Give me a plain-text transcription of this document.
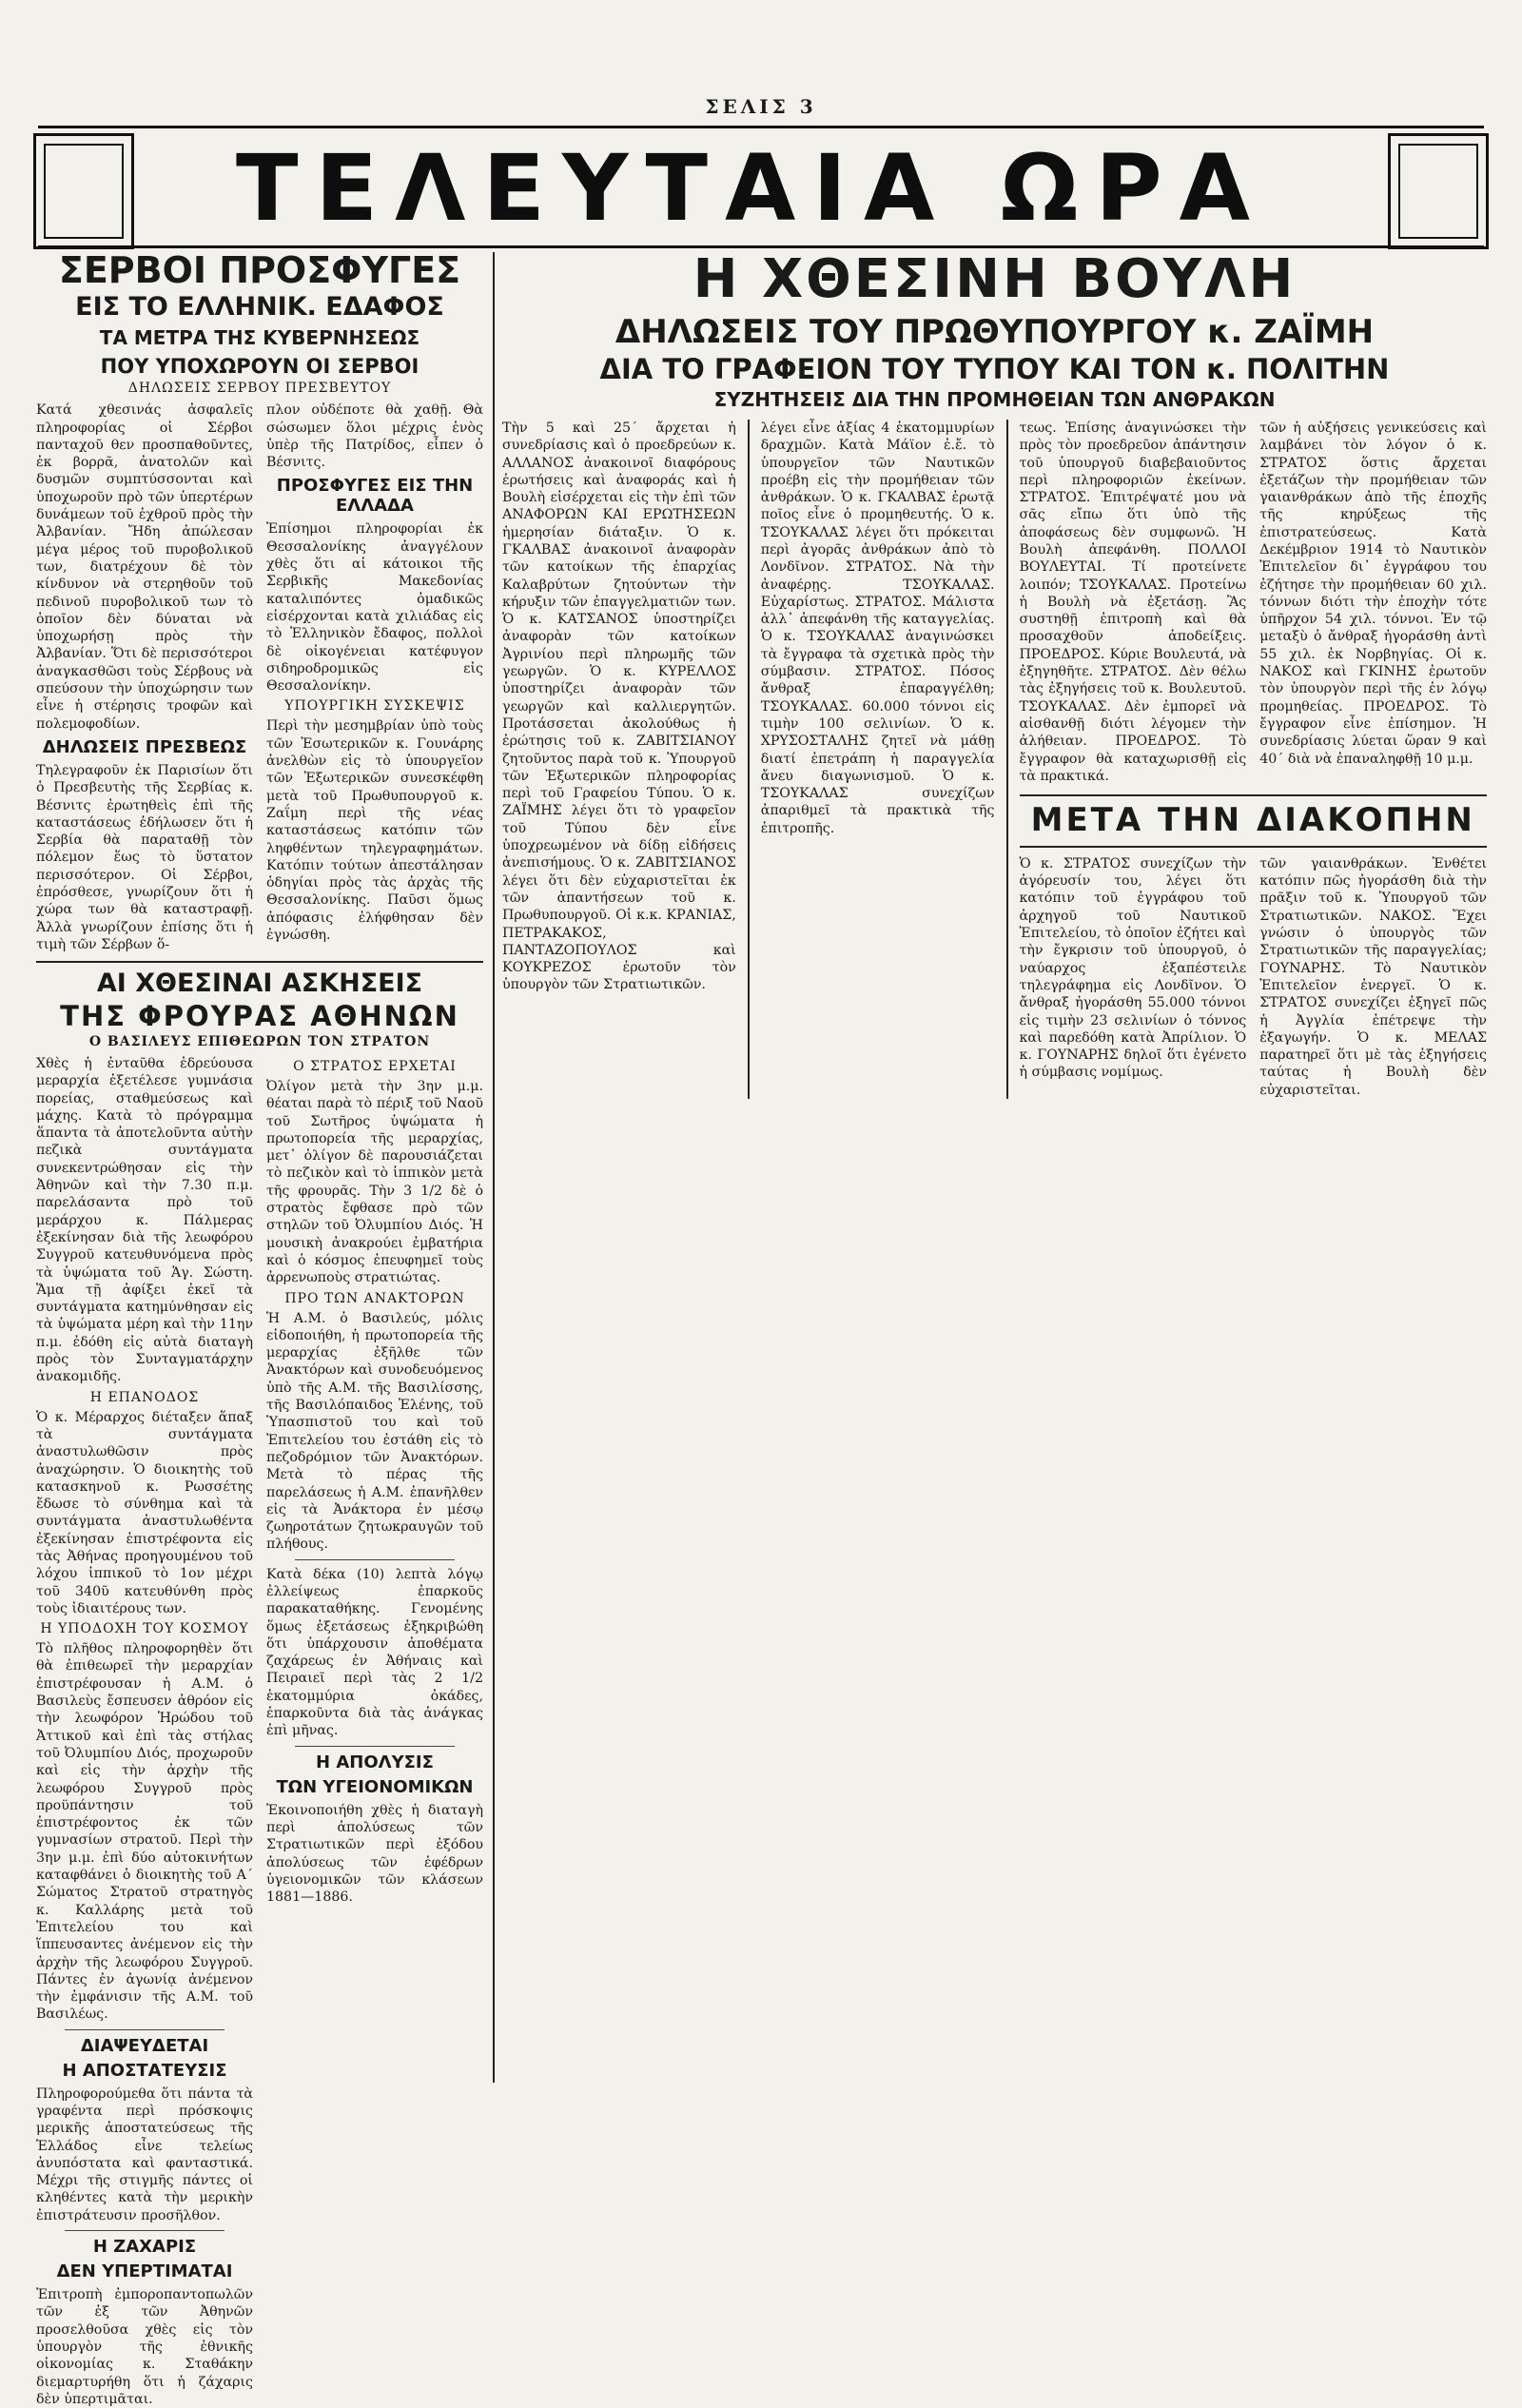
ΣΕΛΙΣ 3
ΤΕΛΕΥΤΑΙΑ ΩΡΑ
ΣΕΡΒΟΙ ΠΡΟΣΦΥΓΕΣ
ΕΙΣ ΤΟ ΕΛΛΗΝΙΚ. ΕΔΑΦΟΣ
ΤΑ ΜΕΤΡΑ ΤΗΣ ΚΥΒΕΡΝΗΣΕΩΣ
ΠΟΥ ΥΠΟΧΩΡΟΥΝ ΟΙ ΣΕΡΒΟΙ
ΔΗΛΩΣΕΙΣ ΣΕΡΒΟΥ ΠΡΕΣΒΕΥΤΟΥ

Κατά χθεσινάς ἀσφαλεῖς πληροφορίας οἱ Σέρβοι πανταχοῦ θεν προσπαθοῦντες, ἐκ βορρᾶ, ἀνατολῶν καὶ δυσμῶν συμπτύσσονται καὶ ὑποχωροῦν πρὸ τῶν ὑπερτέρων δυνάμεων τοῦ ἐχθροῦ πρὸς τὴν Ἀλβανίαν. Ἤδη ἀπώλεσαν μέγα μέρος τοῦ πυροβολικοῦ των, διατρέχουν δὲ τὸν κίνδυνον νὰ στερηθοῦν τοῦ πεδινοῦ πυροβολικοῦ των τὸ ὁποῖον δὲν δύναται νὰ ὑποχωρήσῃ πρὸς τὴν Ἀλβανίαν. Ὅτι δὲ περισσότεροι ἀναγκασθῶσι τοὺς Σέρβους νὰ σπεύσουν τὴν ὑποχώρησιν των εἶνε ἡ στέρησις τροφῶν καὶ πολεμοφοδίων.

ΔΗΛΩΣΕΙΣ ΠΡΕΣΒΕΩΣ

Τηλεγραφοῦν ἐκ Παρισίων ὅτι ὁ Πρεσβευτὴς τῆς Σερβίας κ. Βέσνιτς ἐρωτηθεὶς ἐπὶ τῆς καταστάσεως ἐδήλωσεν ὅτι ἡ Σερβία θὰ παραταθῇ τὸν πόλεμον ἕως τὸ ὕστατον περισσότερον. Οἱ Σέρβοι, ἐπρόσθεσε, γνωρίζουν ὅτι ἡ χώρα των θὰ καταστραφῇ. Ἀλλὰ γνωρίζουν ἐπίσης ὅτι ἡ τιμὴ τῶν Σέρβων ὅ-

πλον οὐδέποτε θὰ χαθῇ. Θὰ σώσωμεν ὅλοι μέχρις ἑνὸς ὑπὲρ τῆς Πατρίδος, εἶπεν ὁ Βέσνιτς.

ΠΡΟΣΦΥΓΕΣ ΕΙΣ ΤΗΝ ΕΛΛΑΔΑ

Ἐπίσημοι πληροφορίαι ἐκ Θεσσαλονίκης ἀναγγέλουν χθὲς ὅτι αἱ κάτοικοι τῆς Σερβικῆς Μακεδονίας καταλιπόντες ὁμαδικῶς εἰσέρχονται κατὰ χιλιάδας εἰς τὸ Ἑλληνικὸν ἔδαφος, πολλοὶ δὲ οἰκογένειαι κατέφυγον σιδηροδρομικῶς εἰς Θεσσαλονίκην.

ΥΠΟΥΡΓΙΚΗ ΣΥΣΚΕΨΙΣ

Περὶ τὴν μεσημβρίαν ὑπὸ τοὺς τῶν Ἐσωτερικῶν κ. Γουνάρης ἀνελθὼν εἰς τὸ ὑπουργεῖον τῶν Ἐξωτερικῶν συνεσκέφθη μετὰ τοῦ Πρωθυπουργοῦ κ. Ζαΐμη περὶ τῆς νέας καταστάσεως κατόπιν τῶν ληφθέντων τηλεγραφημάτων. Κατόπιν τούτων ἀπεστάλησαν ὁδηγίαι πρὸς τὰς ἀρχὰς τῆς Θεσσαλονίκης. Παῦσι ὅμως ἀπόφασις ἐλήφθησαν δὲν ἐγνώσθη.

ΑΙ ΧΘΕΣΙΝΑΙ ΑΣΚΗΣΕΙΣ
ΤΗΣ ΦΡΟΥΡΑΣ ΑΘΗΝΩΝ
Ο ΒΑΣΙΛΕΥΣ ΕΠΙΘΕΩΡΩΝ ΤΟΝ ΣΤΡΑΤΟΝ

Χθὲς ἡ ἐνταῦθα ἐδρεύουσα μεραρχία ἐξετέλεσε γυμνάσια πορείας, σταθμεύσεως καὶ μάχης. Κατὰ τὸ πρόγραμμα ἅπαντα τὰ ἀποτελοῦντα αὐτὴν πεζικὰ συντάγματα συνεκεντρώθησαν εἰς τὴν Ἀθηνῶν καὶ τὴν 7.30 π.μ. παρελάσαντα πρὸ τοῦ μεράρχου κ. Πάλμερας ἐξεκίνησαν διὰ τῆς λεωφόρου Συγγροῦ κατευθυνόμενα πρὸς τὰ ὑψώματα τοῦ Ἁγ. Σώστη. Ἅμα τῇ ἀφίξει ἐκεῖ τὰ συντάγματα κατημύνθησαν εἰς τὰ ὑψώματα μέρη καὶ τὴν 11ην π.μ. ἐδόθη εἰς αὐτὰ διαταγὴ πρὸς τὸν Συνταγματάρχην ἀνακομιδῆς.

Η ΕΠΑΝΟΔΟΣ

Ὁ κ. Μέραρχος διέταξεν ἅπαξ τὰ συντάγματα ἀναστυλωθῶσιν πρὸς ἀναχώρησιν. Ὁ διοικητὴς τοῦ κατασκηνοῦ κ. Ρωσσέτης ἔδωσε τὸ σύνθημα καὶ τὰ συντάγματα ἀναστυλωθέντα ἐξεκίνησαν ἐπιστρέφοντα εἰς τὰς Ἀθήνας προηγουμένου τοῦ λόχου ἱππικοῦ τὸ 1ον μέχρι τοῦ 340ῦ κατευθύνθη πρὸς τοὺς ἰδιαιτέρους των.

Η ΥΠΟΔΟΧΗ ΤΟΥ ΚΟΣΜΟΥ

Τὸ πλῆθος πληροφορηθὲν ὅτι θὰ ἐπιθεωρεῖ τὴν μεραρχίαν ἐπιστρέφουσαν ἡ Α.Μ. ὁ Βασιλεὺς ἔσπευσεν ἀθρόον εἰς τὴν λεωφόρον Ἡρώδου τοῦ Ἀττικοῦ καὶ ἐπὶ τὰς στήλας τοῦ Ὀλυμπίου Διός, προχωροῦν καὶ εἰς τὴν ἀρχὴν τῆς λεωφόρου Συγγροῦ πρὸς προϋπάντησιν τοῦ ἐπιστρέφοντος ἐκ τῶν γυμνασίων στρατοῦ. Περὶ τὴν 3ην μ.μ. ἐπὶ δύο αὐτοκινήτων καταφθάνει ὁ διοικητὴς τοῦ Α΄ Σώματος Στρατοῦ στρατηγὸς κ. Καλλάρης μετὰ τοῦ Ἐπιτελείου του καὶ ἵππευσαντες ἀνέμενον εἰς τὴν ἀρχὴν τῆς λεωφόρου Συγγροῦ. Πάντες ἐν ἀγωνίᾳ ἀνέμενον τὴν ἐμφάνισιν τῆς Α.Μ. τοῦ Βασιλέως.

ΔΙΑΨΕΥΔΕΤΑΙ
Η ΑΠΟΣΤΑΤΕΥΣΙΣ

Πληροφορούμεθα ὅτι πάντα τὰ γραφέντα περὶ πρόσκοψις μερικῆς ἀποστατεύσεως τῆς Ἑλλάδος εἶνε τελείως ἀνυπόστατα καὶ φανταστικά. Μέχρι τῆς στιγμῆς πάντες οἱ κληθέντες κατὰ τὴν μερικὴν ἐπιστράτευσιν προσῆλθον.

Η ΖΑΧΑΡΙΣ
ΔΕΝ ΥΠΕΡΤΙΜΑΤΑΙ

Ἐπιτροπὴ ἐμποροπαντοπωλῶν τῶν ἐξ τῶν Ἀθηνῶν προσελθοῦσα χθὲς εἰς τὸν ὑπουργὸν τῆς ἐθνικῆς οἰκονομίας κ. Σταθάκην διεμαρτυρήθη ὅτι ἡ ζάχαρις δὲν ὑπερτιμᾶται.

Ο ΣΤΡΑΤΟΣ ΕΡΧΕΤΑΙ

Ὀλίγον μετὰ τὴν 3ην μ.μ. θέαται παρὰ τὸ πέριξ τοῦ Ναοῦ τοῦ Σωτῆρος ὑψώματα ἡ πρωτοπορεία τῆς μεραρχίας, μετ᾽ ὀλίγον δὲ παρουσιάζεται τὸ πεζικὸν καὶ τὸ ἱππικὸν μετὰ τῆς φρουρᾶς. Τὴν 3 1/2 δὲ ὁ στρατὸς ἔφθασε πρὸ τῶν στηλῶν τοῦ Ὀλυμπίου Διός. Ἡ μουσικὴ ἀνακρούει ἐμβατήρια καὶ ὁ κόσμος ἐπευφημεῖ τοὺς ἀρρενωποὺς στρατιώτας.

ΠΡΟ ΤΩΝ ΑΝΑΚΤΟΡΩΝ

Ἡ Α.Μ. ὁ Βασιλεύς, μόλις εἰδοποιήθη, ἡ πρωτοπορεία τῆς μεραρχίας ἐξῆλθε τῶν Ἀνακτόρων καὶ συνοδευόμενος ὑπὸ τῆς Α.Μ. τῆς Βασιλίσσης, τῆς Βασιλόπαιδος Ἑλένης, τοῦ Ὑπασπιστοῦ του καὶ τοῦ Ἐπιτελείου του ἐστάθη εἰς τὸ πεζοδρόμιον τῶν Ἀνακτόρων. Μετὰ τὸ πέρας τῆς παρελάσεως ἡ Α.Μ. ἐπανῆλθεν εἰς τὰ Ἀνάκτορα ἐν μέσῳ ζωηροτάτων ζητωκραυγῶν τοῦ πλήθους.

Κατὰ δέκα (10) λεπτὰ λόγῳ ἐλλείψεως ἐπαρκοῦς παρακαταθήκης. Γενομένης ὅμως ἐξετάσεως ἐξηκριβώθη ὅτι ὑπάρχουσιν ἀποθέματα ζαχάρεως ἐν Ἀθήναις καὶ Πειραιεῖ περὶ τὰς 2 1/2 ἑκατομμύρια ὀκάδες, ἐπαρκοῦντα διὰ τὰς ἀνάγκας ἐπὶ μῆνας.

Η ΑΠΟΛΥΣΙΣ
ΤΩΝ ΥΓΕΙΟΝΟΜΙΚΩΝ

Ἐκοινοποιήθη χθὲς ἡ διαταγὴ περὶ ἀπολύσεως τῶν Στρατιωτικῶν περὶ ἐξόδου ἀπολύσεως τῶν ἐφέδρων ὑγειονομικῶν τῶν κλάσεων 1881—1886.

Η ΧΘΕΣΙΝΗ ΒΟΥΛΗ
ΔΗΛΩΣΕΙΣ ΤΟΥ ΠΡΩΘΥΠΟΥΡΓΟΥ κ. ΖΑΪΜΗ
ΔΙΑ ΤΟ ΓΡΑΦΕΙΟΝ ΤΟΥ ΤΥΠΟΥ ΚΑΙ ΤΟΝ κ. ΠΟΛΙΤΗΝ
ΣΥΖΗΤΗΣΕΙΣ ΔΙΑ ΤΗΝ ΠΡΟΜΗΘΕΙΑΝ ΤΩΝ ΑΝΘΡΑΚΩΝ

Τὴν 5 καὶ 25΄ ἄρχεται ἡ συνεδρίασις καὶ ὁ προεδρεύων κ. ΑΛΛΑΝΟΣ ἀνακοινοῖ διαφόρους ἐρωτήσεις καὶ ἀναφοράς καὶ ἡ Βουλὴ εἰσέρχεται εἰς τὴν ἐπὶ τῶν ΑΝΑΦΟΡΩΝ ΚΑΙ ΕΡΩΤΗΣΕΩΝ ἡμερησίαν διάταξιν. Ὁ κ. ΓΚΑΛΒΑΣ ἀνακοινοῖ ἀναφορὰν τῶν κατοίκων τῆς ἐπαρχίας Καλαβρύτων ζητούντων τὴν κήρυξιν τῶν ἐπαγγελματιῶν των. Ὁ κ. ΚΑΤΣΑΝΟΣ ὑποστηρίζει ἀναφορὰν τῶν κατοίκων Ἀγρινίου περὶ πληρωμῆς τῶν γεωργῶν. Ὁ κ. ΚΥΡΕΛΛΟΣ ὑποστηρίζει ἀναφορὰν τῶν γεωργῶν καὶ καλλιεργητῶν. Προτάσσεται ἀκολούθως ἡ ἐρώτησις τοῦ κ. ΖΑΒΙΤΣΙΑΝΟΥ ζητοῦντος παρὰ τοῦ κ. Ὑπουργοῦ τῶν Ἐξωτερικῶν πληροφορίας περὶ τοῦ Γραφείου Τύπου. Ὁ κ. ΖΑΪΜΗΣ λέγει ὅτι τὸ γραφεῖον τοῦ Τύπου δὲν εἶνε ὑποχρεωμένον νὰ δίδῃ εἰδήσεις ἀνεπισήμους. Ὁ κ. ΖΑΒΙΤΣΙΑΝΟΣ λέγει ὅτι δὲν εὐχαριστεῖται ἐκ τῶν ἀπαντήσεων τοῦ κ. Πρωθυπουργοῦ. Οἱ κ.κ. ΚΡΑΝΙΑΣ, ΠΕΤΡΑΚΑΚΟΣ, ΠΑΝΤΑΖΟΠΟΥΛΟΣ καὶ ΚΟΥΚΡΕΖΟΣ ἐρωτοῦν τὸν ὑπουργὸν τῶν Στρατιωτικῶν.

λέγει εἶνε ἀξίας 4 ἑκατομμυρίων δραχμῶν. Κατὰ Μάϊον ἐ.ἔ. τὸ ὑπουργεῖον τῶν Ναυτικῶν προέβη εἰς τὴν προμήθειαν τῶν ἀνθράκων. Ὁ κ. ΓΚΑΛΒΑΣ ἐρωτᾷ ποῖος εἶνε ὁ προμηθευτής. Ὁ κ. ΤΣΟΥΚΑΛΑΣ λέγει ὅτι πρόκειται περὶ ἀγορᾶς ἀνθράκων ἀπὸ τὸ Λονδῖνον. ΣΤΡΑΤΟΣ. Νὰ τὴν ἀναφέρῃς. ΤΣΟΥΚΑΛΑΣ. Εὐχαρίστως. ΣΤΡΑΤΟΣ. Μάλιστα ἀλλ᾽ ἀπεφάνθη τῆς καταγγελίας. Ὁ κ. ΤΣΟΥΚΑΛΑΣ ἀναγινώσκει τὰ ἔγγραφα τὰ σχετικὰ πρὸς τὴν σύμβασιν. ΣΤΡΑΤΟΣ. Πόσος ἄνθραξ ἐπαραγγέλθη; ΤΣΟΥΚΑΛΑΣ. 60.000 τόννοι εἰς τιμὴν 100 σελινίων. Ὁ κ. ΧΡΥΣΟΣΤΑΛΗΣ ζητεῖ νὰ μάθῃ διατί ἐπετράπη ἡ παραγγελία ἄνευ διαγωνισμοῦ. Ὁ κ. ΤΣΟΥΚΑΛΑΣ συνεχίζων ἀπαριθμεῖ τὰ πρακτικὰ τῆς ἐπιτροπῆς.

τεως. Ἐπίσης ἀναγινώσκει τὴν πρὸς τὸν προεδρεῦον ἀπάντησιν τοῦ ὑπουργοῦ διαβεβαιοῦντος περὶ πληροφοριῶν ἐκείνων. ΣΤΡΑΤΟΣ. Ἐπιτρέψατέ μου νὰ σᾶς εἴπω ὅτι ὑπὸ τῆς ἀποφάσεως δὲν συμφωνῶ. Ἡ Βουλὴ ἀπεφάνθη. ΠΟΛΛΟΙ ΒΟΥΛΕΥΤΑΙ. Τί προτείνετε λοιπόν; ΤΣΟΥΚΑΛΑΣ. Προτείνω ἡ Βουλὴ νὰ ἐξετάσῃ. Ἂς συστηθῇ ἐπιτροπὴ καὶ θὰ προσαχθοῦν ἀποδείξεις. ΠΡΟΕΔΡΟΣ. Κύριε Βουλευτά, νὰ ἐξηγηθῆτε. ΣΤΡΑΤΟΣ. Δὲν θέλω τὰς ἐξηγήσεις τοῦ κ. Βουλευτοῦ. ΤΣΟΥΚΑΛΑΣ. Δὲν ἐμπορεῖ νὰ αἰσθανθῇ διότι λέγομεν τὴν ἀλήθειαν. ΠΡΟΕΔΡΟΣ. Τὸ ἔγγραφον θὰ καταχωρισθῇ εἰς τὰ πρακτικά.

τῶν ἡ αὐξήσεις γενικεύσεις καὶ λαμβάνει τὸν λόγον ὁ κ. ΣΤΡΑΤΟΣ ὅστις ἄρχεται ἐξετάζων τὴν προμήθειαν τῶν γαιανθράκων ἀπὸ τῆς ἐποχῆς τῆς κηρύξεως τῆς ἐπιστρατεύσεως. Κατὰ Δεκέμβριον 1914 τὸ Ναυτικὸν Ἐπιτελεῖον δι᾽ ἐγγράφου του ἐζήτησε τὴν προμήθειαν 60 χιλ. τόννων διότι τὴν ἐποχὴν τότε ὑπῆρχον 54 χιλ. τόννοι. Ἐν τῷ μεταξὺ ὁ ἄνθραξ ἠγοράσθη ἀντὶ 55 χιλ. ἐκ Νορβηγίας. Οἱ κ. ΝΑΚΟΣ καὶ ΓΚΙΝΗΣ ἐρωτοῦν τὸν ὑπουργὸν περὶ τῆς ἐν λόγῳ προμηθείας. ΠΡΟΕΔΡΟΣ. Τὸ ἔγγραφον εἶνε ἐπίσημον. Ἡ συνεδρίασις λύεται ὥραν 9 καὶ 40΄ διὰ νὰ ἐπαναληφθῇ 10 μ.μ.

ΜΕΤΑ ΤΗΝ ΔΙΑΚΟΠΗΝ

Ὁ κ. ΣΤΡΑΤΟΣ συνεχίζων τὴν ἀγόρευσίν του, λέγει ὅτι κατόπιν τοῦ ἐγγράφου τοῦ ἀρχηγοῦ τοῦ Ναυτικοῦ Ἐπιτελείου, τὸ ὁποῖον ἐζήτει καὶ τὴν ἔγκρισιν τοῦ ὑπουργοῦ, ὁ ναύαρχος ἐξαπέστειλε τηλεγράφημα εἰς Λονδῖνον. Ὁ ἄνθραξ ἠγοράσθη 55.000 τόννοι εἰς τιμὴν 23 σελινίων ὁ τόννος καὶ παρεδόθη κατὰ Ἀπρίλιον. Ὁ κ. ΓΟΥΝΑΡΗΣ δηλοῖ ὅτι ἐγένετο ἡ σύμβασις νομίμως.

τῶν γαιανθράκων. Ἐνθέτει κατόπιν πῶς ἠγοράσθη διὰ τὴν πρᾶξιν τοῦ κ. Ὑπουργοῦ τῶν Στρατιωτικῶν. ΝΑΚΟΣ. Ἔχει γνώσιν ὁ ὑπουργὸς τῶν Στρατιωτικῶν τῆς παραγγελίας; ΓΟΥΝΑΡΗΣ. Τὸ Ναυτικὸν Ἐπιτελεῖον ἐνεργεῖ. Ὁ κ. ΣΤΡΑΤΟΣ συνεχίζει ἐξηγεῖ πῶς ἡ Ἀγγλία ἐπέτρεψε τὴν ἐξαγωγήν. Ὁ κ. ΜΕΛΑΣ παρατηρεῖ ὅτι μὲ τὰς ἐξηγήσεις ταύτας ἡ Βουλὴ δὲν εὐχαριστεῖται.
